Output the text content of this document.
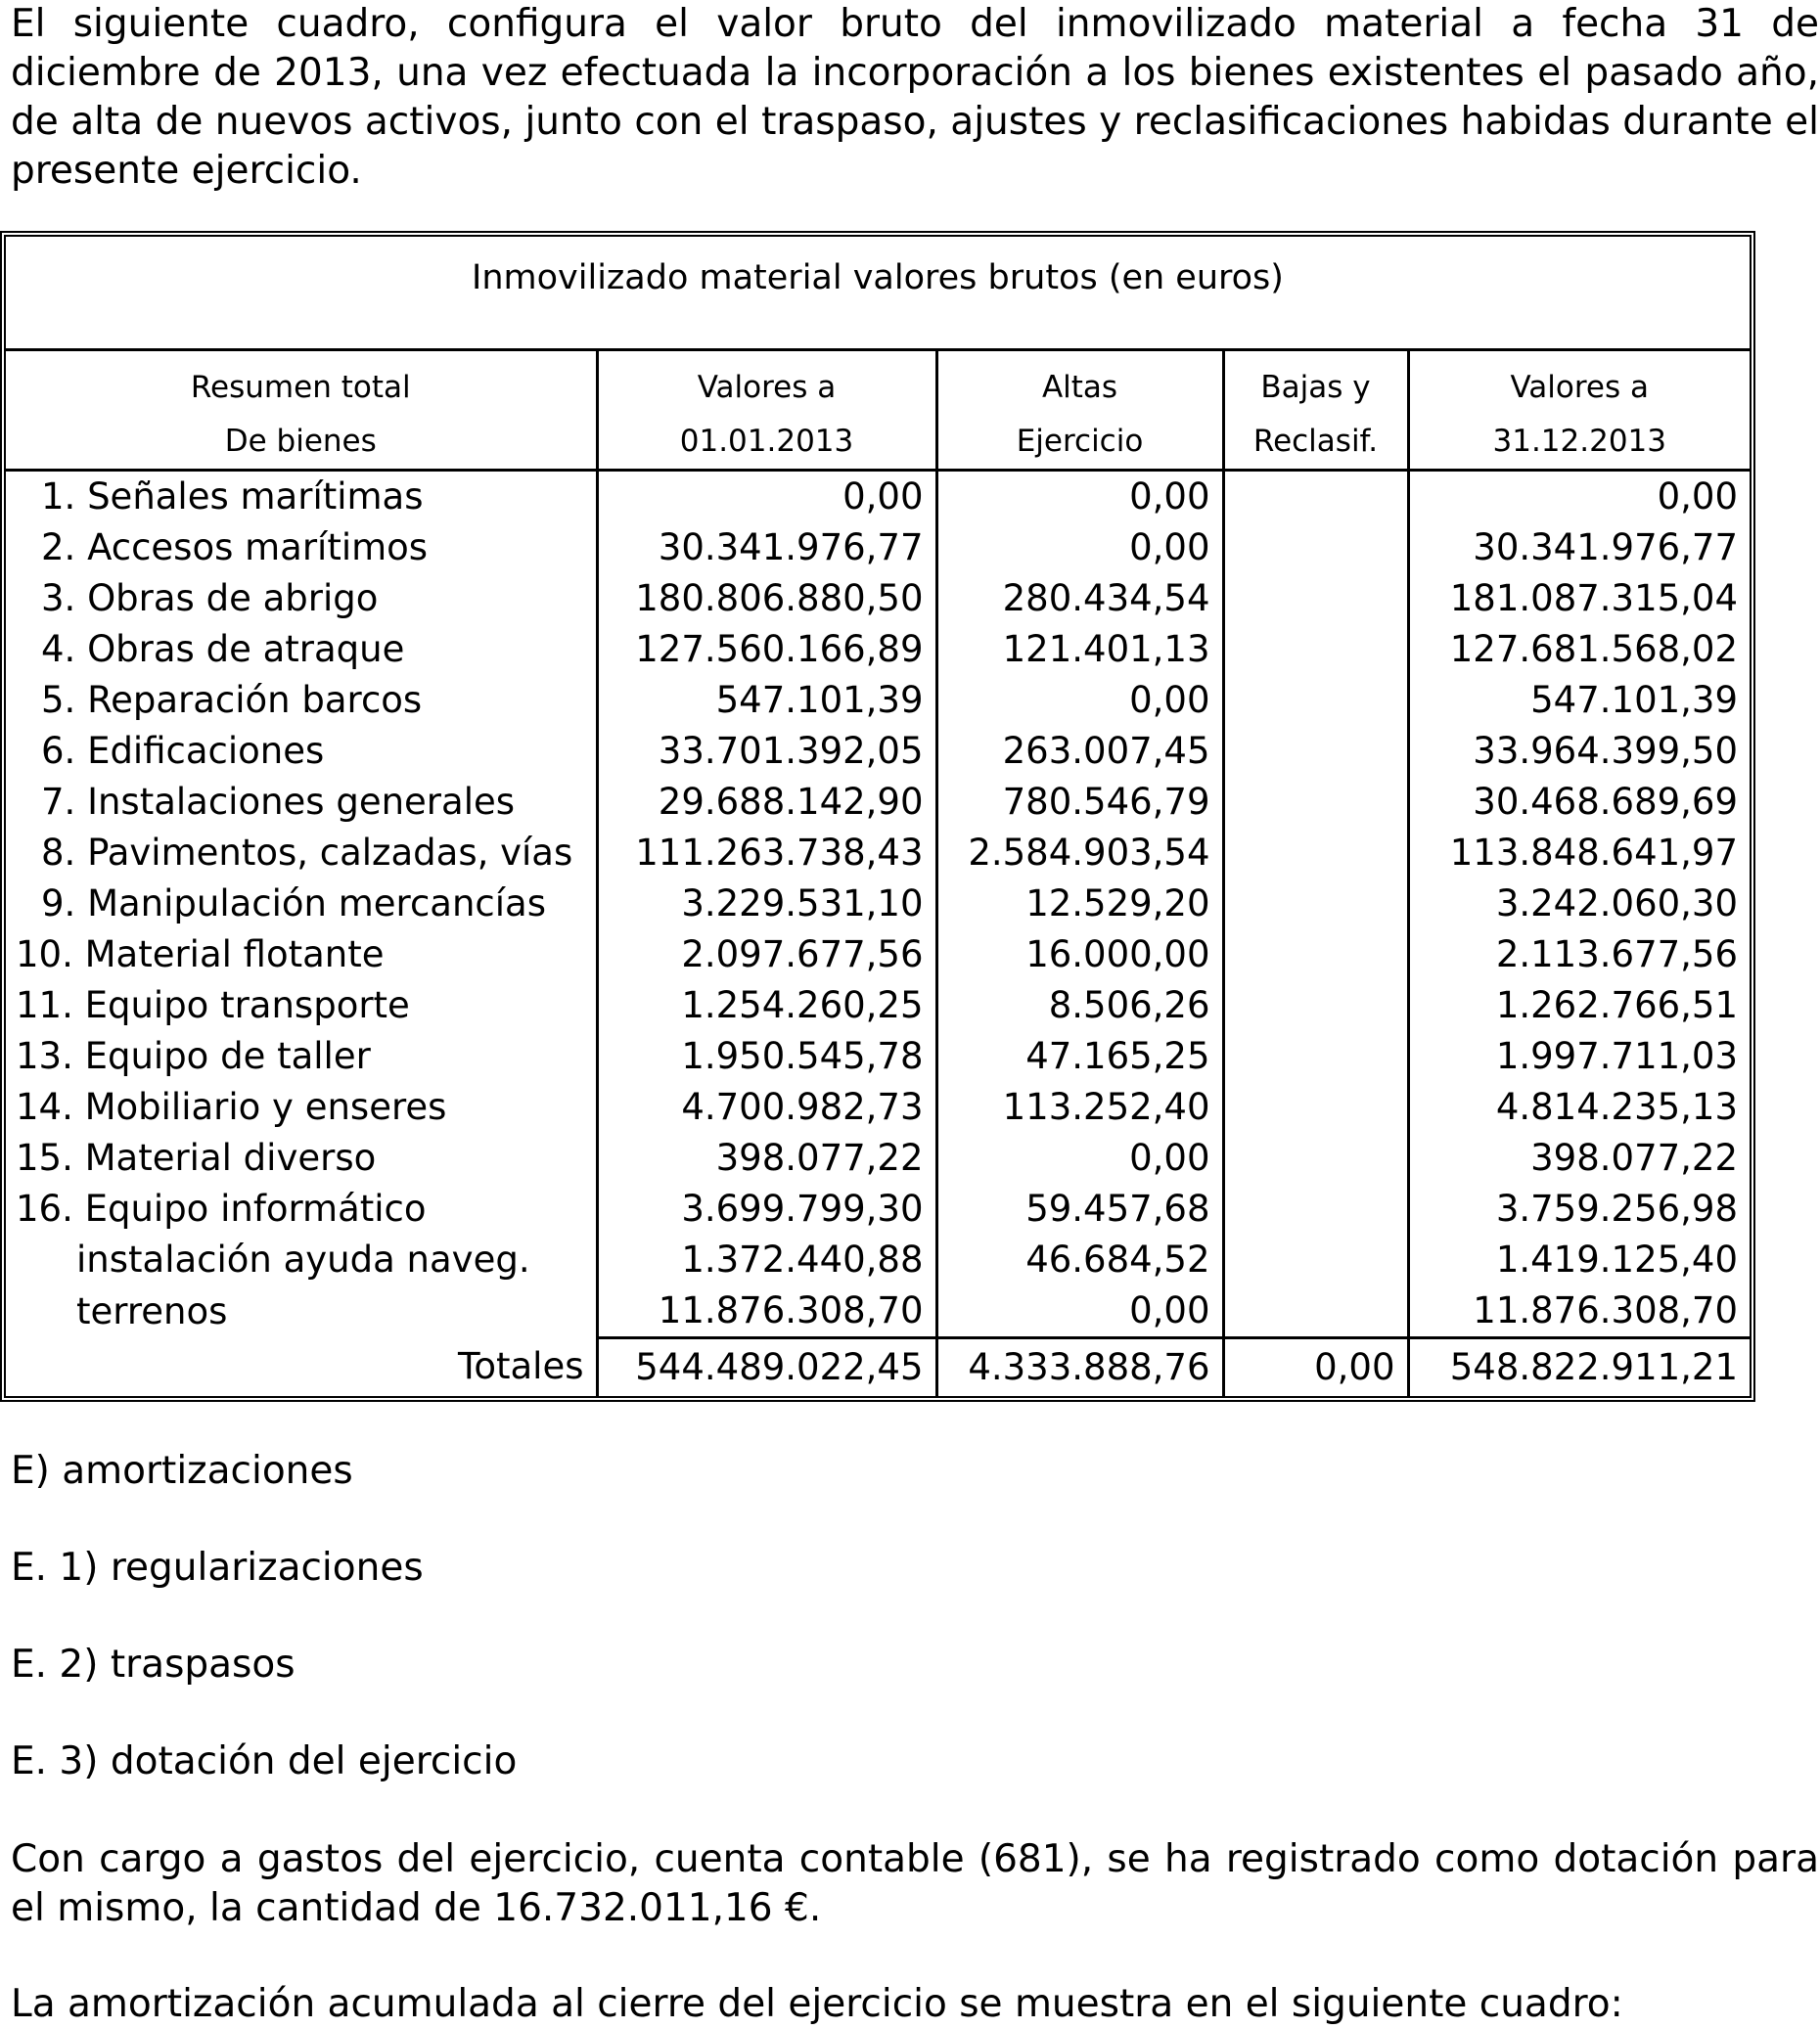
El siguiente cuadro, configura el valor bruto del inmovilizado material a fecha 31 de diciembre de 2013, una vez efectuada la incorporación a los bienes existentes el pasado año, de alta de nuevos activos, junto con el traspaso, ajustes y reclasificaciones habidas durante el presente ejercicio.

Inmovilizado material valores brutos (en euros)				
Resumen total	Valores a	Altas	Bajas y	Valores a
De bienes	01.01.2013	Ejercicio	Reclasif.	31.12.2013
1. Señales marítimas	0,00	0,00		0,00
2. Accesos marítimos	30.341.976,77	0,00		30.341.976,77
3. Obras de abrigo	180.806.880,50	280.434,54		181.087.315,04
4. Obras de atraque	127.560.166,89	121.401,13		127.681.568,02
5. Reparación barcos	547.101,39	0,00		547.101,39
6. Edificaciones	33.701.392,05	263.007,45		33.964.399,50
7. Instalaciones generales	29.688.142,90	780.546,79		30.468.689,69
8. Pavimentos, calzadas, vías	111.263.738,43	2.584.903,54		113.848.641,97
9. Manipulación mercancías	3.229.531,10	12.529,20		3.242.060,30
10. Material flotante	2.097.677,56	16.000,00		2.113.677,56
11. Equipo transporte	1.254.260,25	8.506,26		1.262.766,51
13. Equipo de taller	1.950.545,78	47.165,25		1.997.711,03
14. Mobiliario y enseres	4.700.982,73	113.252,40		4.814.235,13
15. Material diverso	398.077,22	0,00		398.077,22
16. Equipo informático	3.699.799,30	59.457,68		3.759.256,98
instalación ayuda naveg.	1.372.440,88	46.684,52		1.419.125,40
terrenos	11.876.308,70	0,00		11.876.308,70
Totales	544.489.022,45	4.333.888,76	0,00	548.822.911,21

E) amortizaciones

E. 1) regularizaciones

E. 2) traspasos

E. 3) dotación del ejercicio

Con cargo a gastos del ejercicio, cuenta contable (681), se ha registrado como dotación para el mismo, la cantidad de 16.732.011,16 €.

La amortización acumulada al cierre del ejercicio se muestra en el siguiente cuadro:
